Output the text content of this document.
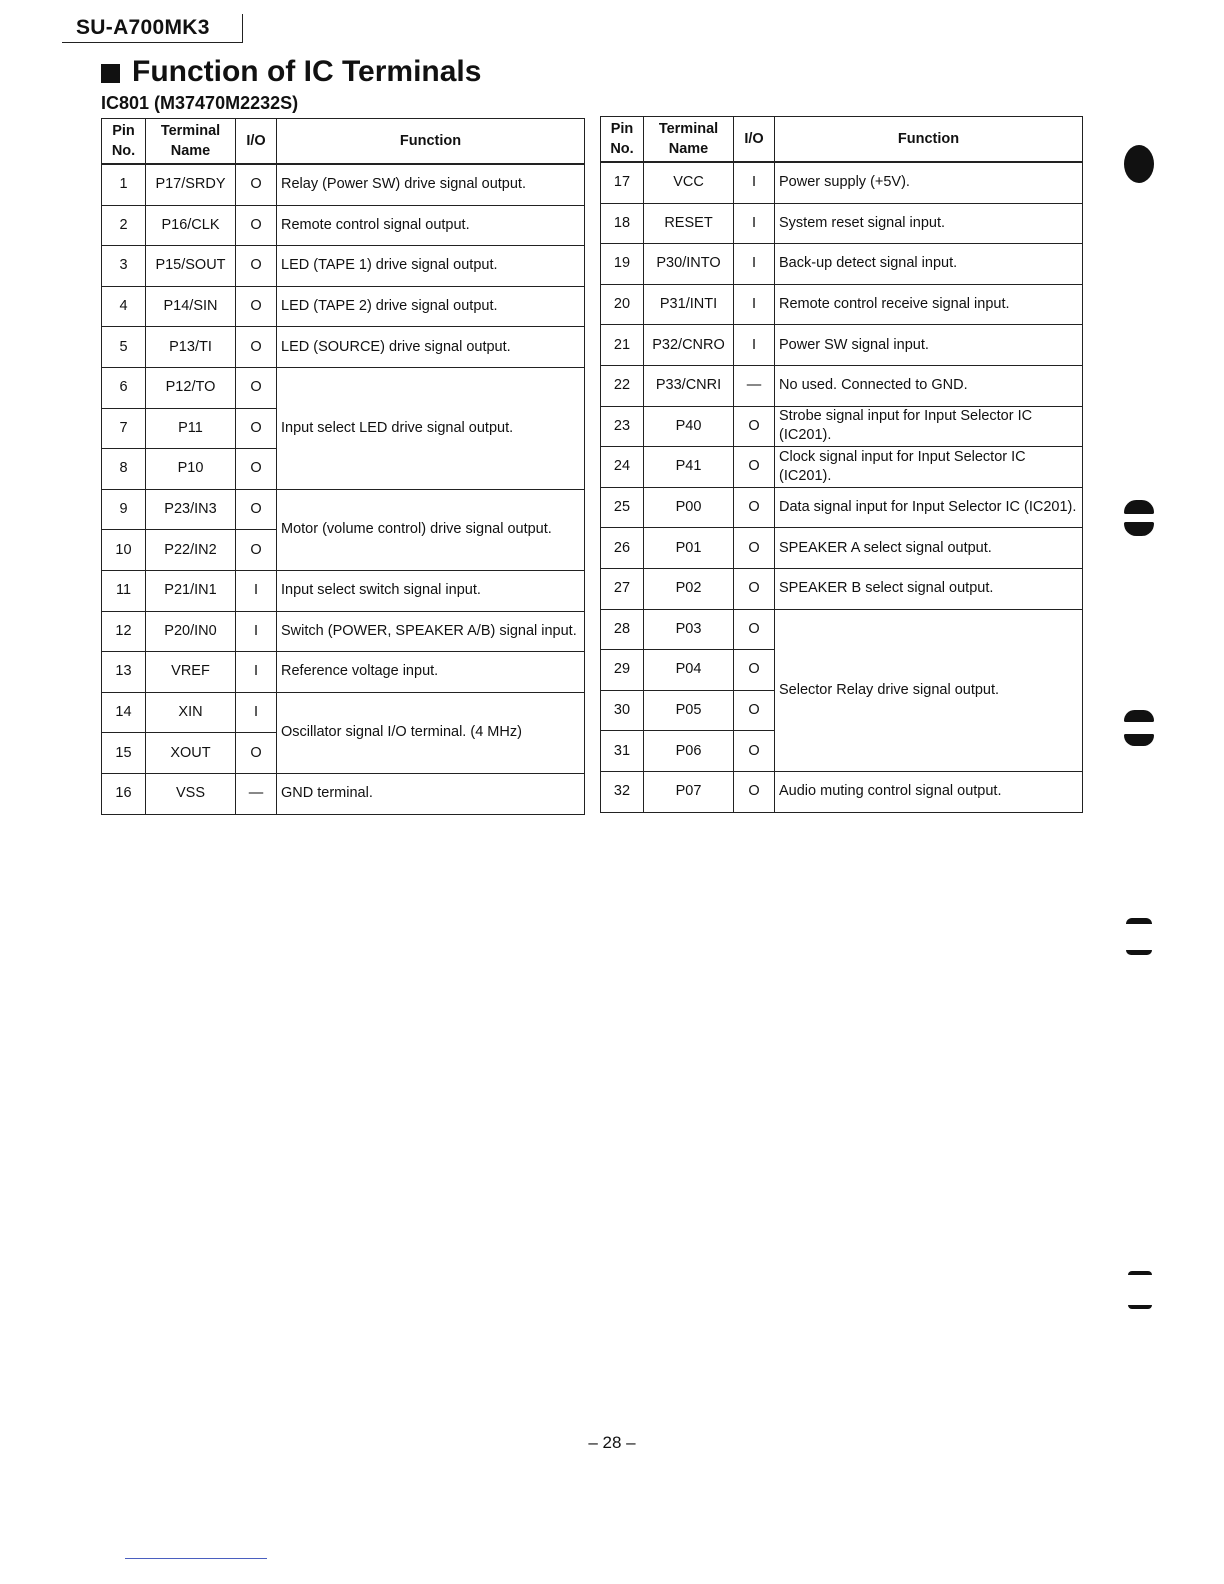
SU-A700MK3
Function of IC Terminals
IC801 (M37470M2232S)
Pin
No.	Terminal
Name	I/O	Function
1	P17/SRDY	O	Relay (Power SW) drive signal output.
2	P16/CLK	O	Remote control signal output.
3	P15/SOUT	O	LED (TAPE 1) drive signal output.
4	P14/SIN	O	LED (TAPE 2) drive signal output.
5	P13/TI	O	LED (SOURCE) drive signal output.
6	P12/TO	O	Input select LED drive signal output.
7	P11	O	
8	P10	O	
9	P23/IN3	O	Motor (volume control) drive signal output.
10	P22/IN2	O	
11	P21/IN1	I	Input select switch signal input.
12	P20/IN0	I	Switch (POWER, SPEAKER A/B) signal input.
13	VREF	I	Reference voltage input.
14	XIN	I	Oscillator signal I/O terminal. (4 MHz)
15	XOUT	O	
16	VSS	—	GND terminal.
Pin
No.	Terminal
Name	I/O	Function
17	VCC	I	Power supply (+5V).
18	RESET	I	System reset signal input.
19	P30/INTO	I	Back-up detect signal input.
20	P31/INTI	I	Remote control receive signal input.
21	P32/CNRO	I	Power SW signal input.
22	P33/CNRI	—	No used. Connected to GND.
23	P40	O	Strobe signal input for Input Selector IC (IC201).
24	P41	O	Clock signal input for Input Selector IC (IC201).
25	P00	O	Data signal input for Input Selector IC (IC201).
26	P01	O	SPEAKER A select signal output.
27	P02	O	SPEAKER B select signal output.
28	P03	O	Selector Relay drive signal output.
29	P04	O	
30	P05	O	
31	P06	O	
32	P07	O	Audio muting control signal output.
– 28 –
